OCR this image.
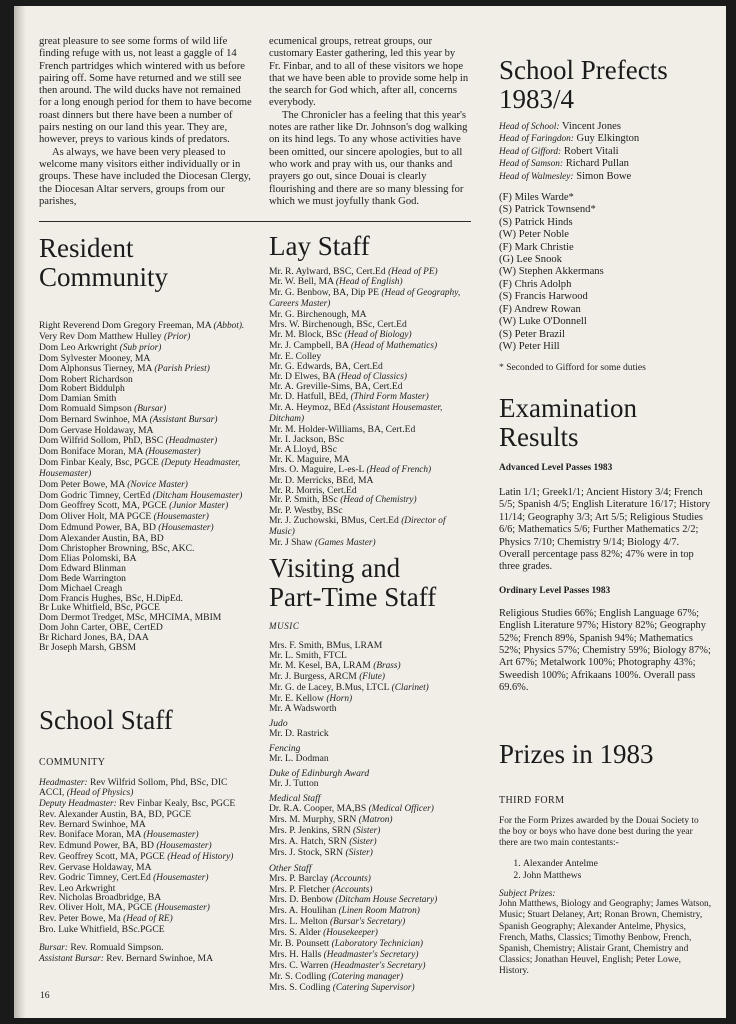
great pleasure to see some forms of wild life finding refuge with us, not least a gaggle of 14 French partridges which wintered with us before pairing off. Some have returned and we still see then around. The wild ducks have not remained for a long enough period for them to have become roast dinners but there have been a number of pairs nesting on our land this year. They are, however, preys to various kinds of predators.

As always, we have been very pleased to welcome many visitors either individually or in groups. These have included the Diocesan Clergy, the Diocesan Altar servers, groups from our parishes,

ecumenical groups, retreat groups, our customary Easter gathering, led this year by Fr. Finbar, and to all of these visitors we hope that we have been able to provide some help in the search for God which, after all, concerns everybody.

The Chronicler has a feeling that this year's notes are rather like Dr. Johnson's dog walking on its hind legs. To any whose activities have been omitted, our sincere apologies, but to all who work and pray with us, our thanks and prayers go out, since Douai is clearly flourishing and there are so many blessing for which we must joyfully thank God.

Resident
Community
Right Reverend Dom Gregory Freeman, MA (Abbot).
Very Rev Dom Matthew Hulley (Prior)
Dom Leo Arkwright (Sub prior)
Dom Sylvester Mooney, MA
Dom Alphonsus Tierney, MA (Parish Priest)
Dom Robert Richardson
Dom Robert Biddulph
Dom Damian Smith
Dom Romuald Simpson (Bursar)
Dom Bernard Swinhoe, MA (Assistant Bursar)
Dom Gervase Holdaway, MA
Dom Wilfrid Sollom, PhD, BSC (Headmaster)
Dom Boniface Moran, MA (Housemaster)
Dom Finbar Kealy, Bsc, PGCE (Deputy Headmaster, Housemaster)
Dom Peter Bowe, MA (Novice Master)
Dom Godric Timney, CertEd (Ditcham Housemaster)
Dom Geoffrey Scott, MA, PGCE (Junior Master)
Dom Oliver Holt, MA PGCE (Housemaster)
Dom Edmund Power, BA, BD (Housemaster)
Dom Alexander Austin, BA, BD
Dom Christopher Browning, BSc, AKC.
Dom Elias Polomski, BA
Dom Edward Blinman
Dom Bede Warrington
Dom Michael Creagh
Dom Francis Hughes, BSc, H.DipEd.
Br Luke Whitfield, BSc, PGCE
Dom Dermot Tredget, MSc, MHCIMA, MBIM
Dom John Carter, OBE, CertED
Br Richard Jones, BA, DAA
Br Joseph Marsh, GBSM
School Staff

COMMUNITY

Headmaster: Rev Wilfrid Sollom, Phd, BSc, DIC ACCI, (Head of Physics)
Deputy Headmaster: Rev Finbar Kealy, Bsc, PGCE
Rev. Alexander Austin, BA, BD, PGCE
Rev. Bernard Swinhoe, MA
Rev. Boniface Moran, MA (Housemaster)
Rev. Edmund Power, BA, BD (Housemaster)
Rev. Geoffrey Scott, MA, PGCE (Head of History)
Rev. Gervase Holdaway, MA
Rev. Godric Timney, Cert.Ed (Housemaster)
Rev. Leo Arkwright
Rev. Nicholas Broadbridge, BA
Rev. Oliver Holt, MA, PGCE (Housemaster)
Rev. Peter Bowe, Ma (Head of RE)
Bro. Luke Whitfield, BSc.PGCE
Bursar: Rev. Romuald Simpson.
Assistant Bursar: Rev. Bernard Swinhoe, MA
Lay Staff
Mr. R. Aylward, BSC, Cert.Ed (Head of PE)
Mr. W. Bell, MA (Head of English)
Mr. G. Benbow, BA, Dip PE (Head of Geography, Careers Master)
Mr. G. Birchenough, MA
Mrs. W. Birchenough, BSc, Cert.Ed
Mr. M. Block, BSc (Head of Biology)
Mr. J. Campbell, BA (Head of Mathematics)
Mr. E. Colley
Mr. G. Edwards, BA, Cert.Ed
Mr. D Elwes, BA (Head of Classics)
Mr. A. Greville-Sims, BA, Cert.Ed
Mr. D. Hatfull, BEd, (Third Form Master)
Mr. A. Heymoz, BEd (Assistant Housemaster, Ditcham)
Mr. M. Holder-Williams, BA, Cert.Ed
Mr. I. Jackson, BSc
Mr. A Lloyd, BSc
Mr. K. Maguire, MA
Mrs. O. Maguire, L-es-L (Head of French)
Mr. D. Merricks, BEd, MA
Mr. R. Morris, Cert.Ed
Mr. P. Smith, BSc (Head of Chemistry)
Mr. P. Westby, BSc
Mr. J. Zuchowski, BMus, Cert.Ed (Director of Music)
Mr. J Shaw (Games Master)
Visiting and
Part-Time Staff

MUSIC

Mrs. F. Smith, BMus, LRAM
Mr. L. Smith, FTCL
Mr. M. Kesel, BA, LRAM (Brass)
Mr. J. Burgess, ARCM (Flute)
Mr. G. de Lacey, B.Mus, LTCL (Clarinet)
Mr. E. Kellow (Horn)
Mr. A Wadsworth

Judo

Mr. D. Rastrick

Fencing

Mr. L. Dodman

Duke of Edinburgh Award

Mr. J. Tutton

Medical Staff

Dr. R.A. Cooper, MA,BS (Medical Officer)
Mrs. M. Murphy, SRN (Matron)
Mrs. P. Jenkins, SRN (Sister)
Mrs. A. Hatch, SRN (Sister)
Mrs. J. Stock, SRN (Sister)

Other Staff

Mrs. P. Barclay (Accounts)
Mrs. P. Fletcher (Accounts)
Mrs. D. Benbow (Ditcham House Secretary)
Mrs. A. Houlihan (Linen Room Matron)
Mrs. L. Melton (Bursar's Secretary)
Mrs. S. Alder (Housekeeper)
Mr. B. Pounsett (Laboratory Technician)
Mrs. H. Halls (Headmaster's Secretary)
Mrs. C. Warren (Headmaster's Secretary)
Mr. S. Codling (Catering manager)
Mrs. S. Codling (Catering Supervisor)
School Prefects
1983/4
Head of School: Vincent Jones
Head of Faringdon: Guy Elkington
Head of Gifford: Robert Vitali
Head of Samson: Richard Pullan
Head of Walmesley: Simon Bowe
(F) Miles Warde*
(S) Patrick Townsend*
(S) Patrick Hinds
(W) Peter Noble
(F) Mark Christie
(G) Lee Snook
(W) Stephen Akkermans
(F) Chris Adolph
(S) Francis Harwood
(F) Andrew Rowan
(W) Luke O'Donnell
(S) Peter Brazil
(W) Peter Hill

* Seconded to Gifford for some duties

Examination
Results

Advanced Level Passes 1983

Latin 1/1; Greek1/1; Ancient History 3/4; French 5/5; Spanish 4/5; English Literature 16/17; History 11/14; Geography 3/3; Art 5/5; Religious Studies 6/6; Mathematics 5/6; Further Mathematics 2/2; Physics 7/10; Chemistry 9/14; Biology 4/7. Overall percentage pass 82%; 47% were in top three grades.

Ordinary Level Passes 1983

Religious Studies 66%; English Language 67%; English Literature 97%; History 82%; Geography 52%; French 89%, Spanish 94%; Mathematics 52%; Physics 57%; Chemistry 59%; Biology 87%; Art 67%; Metalwork 100%; Photography 43%; Sweedish 100%; Afrikaans 100%. Overall pass 69.6%.

Prizes in 1983

THIRD FORM

For the Form Prizes awarded by the Douai Society to the boy or boys who have done best during the year there are two main contestants:-

1. Alexander Antelme
2. John Matthews

Subject Prizes:

John Matthews, Biology and Geography; James Watson, Music; Stuart Delaney, Art; Ronan Brown, Chemistry, Spanish Geography; Alexander Antelme, Physics, French, Maths, Classics; Timothy Benbow, French, Spanish, Chemistry; Alistair Grant, Chemistry and Classics; Jonathan Heuvel, English; Peter Lowe, History.

16
